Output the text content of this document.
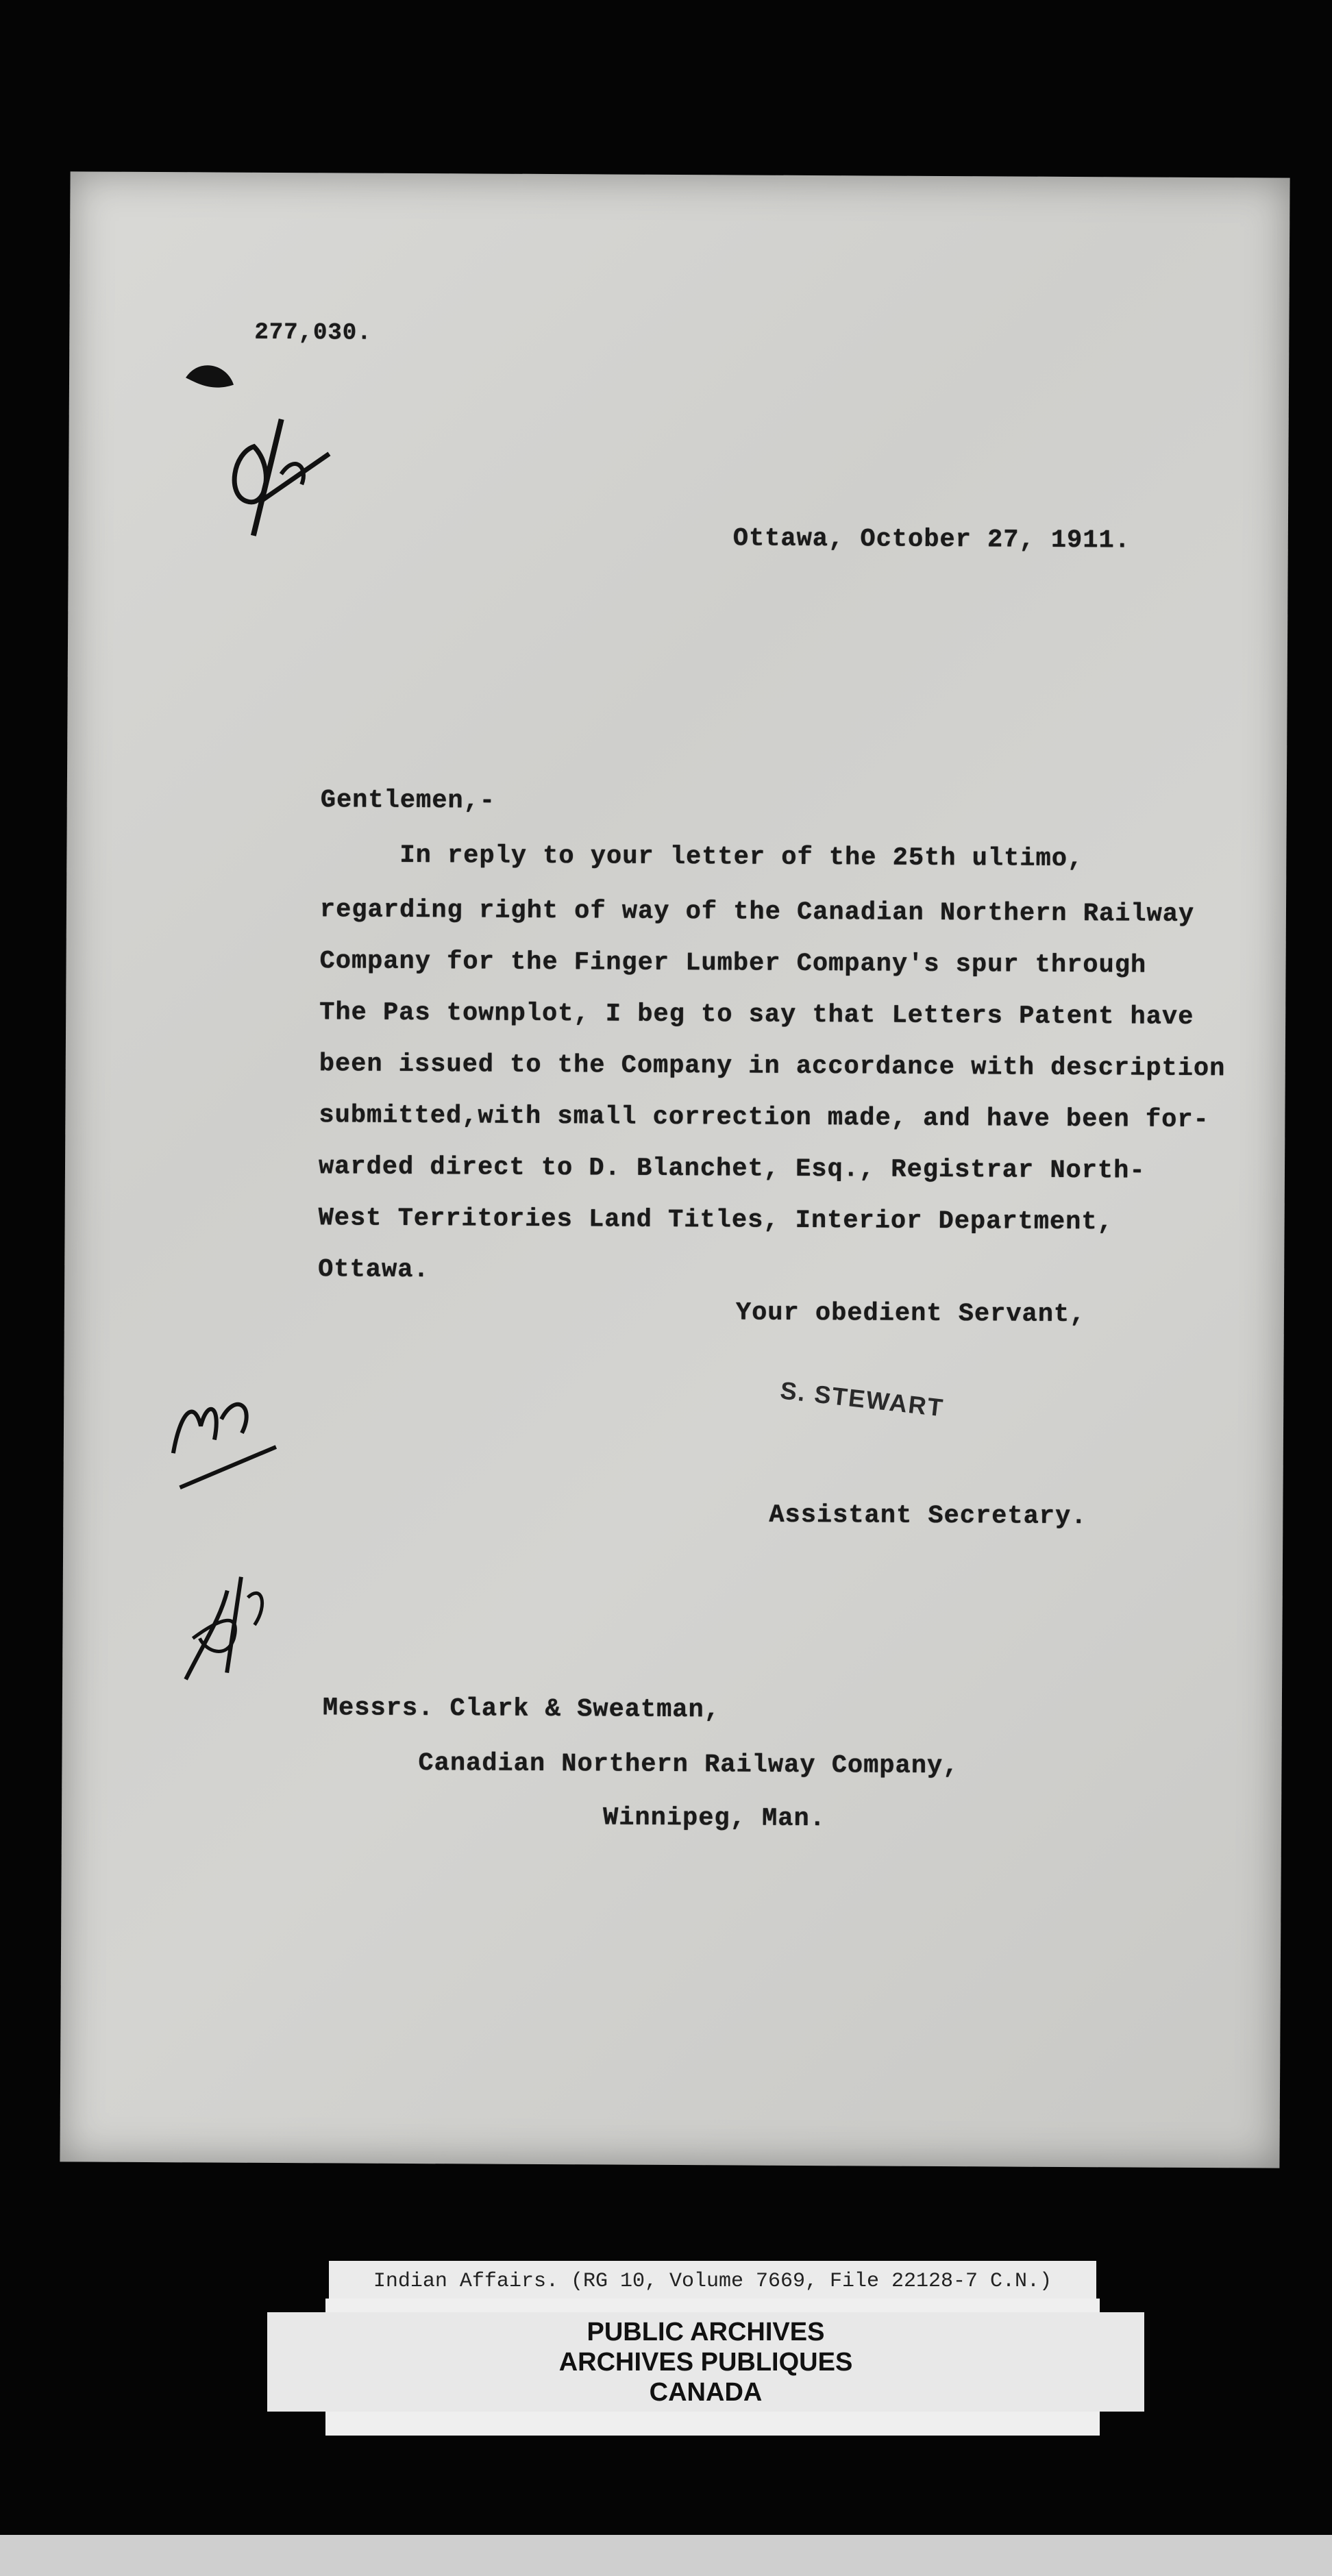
277,030.
Ottawa, October 27, 1911.
Gentlemen,-
In reply to your letter of the 25th ultimo,
regarding right of way of the Canadian Northern Railway
Company for the Finger Lumber Company's spur through
The Pas townplot, I beg to say that Letters Patent have
been issued to the Company in accordance with description
submitted,with small correction made, and have been for-
warded direct to D. Blanchet, Esq., Registrar North-
West Territories Land Titles, Interior Department,
Ottawa.
Your obedient Servant,
S. STEWART
Assistant Secretary.
Messrs. Clark & Sweatman,
Canadian Northern Railway Company,
Winnipeg, Man.
Indian Affairs. (RG 10, Volume 7669, File 22128-7 C.N.)
PUBLIC ARCHIVES
ARCHIVES PUBLIQUES
CANADA
